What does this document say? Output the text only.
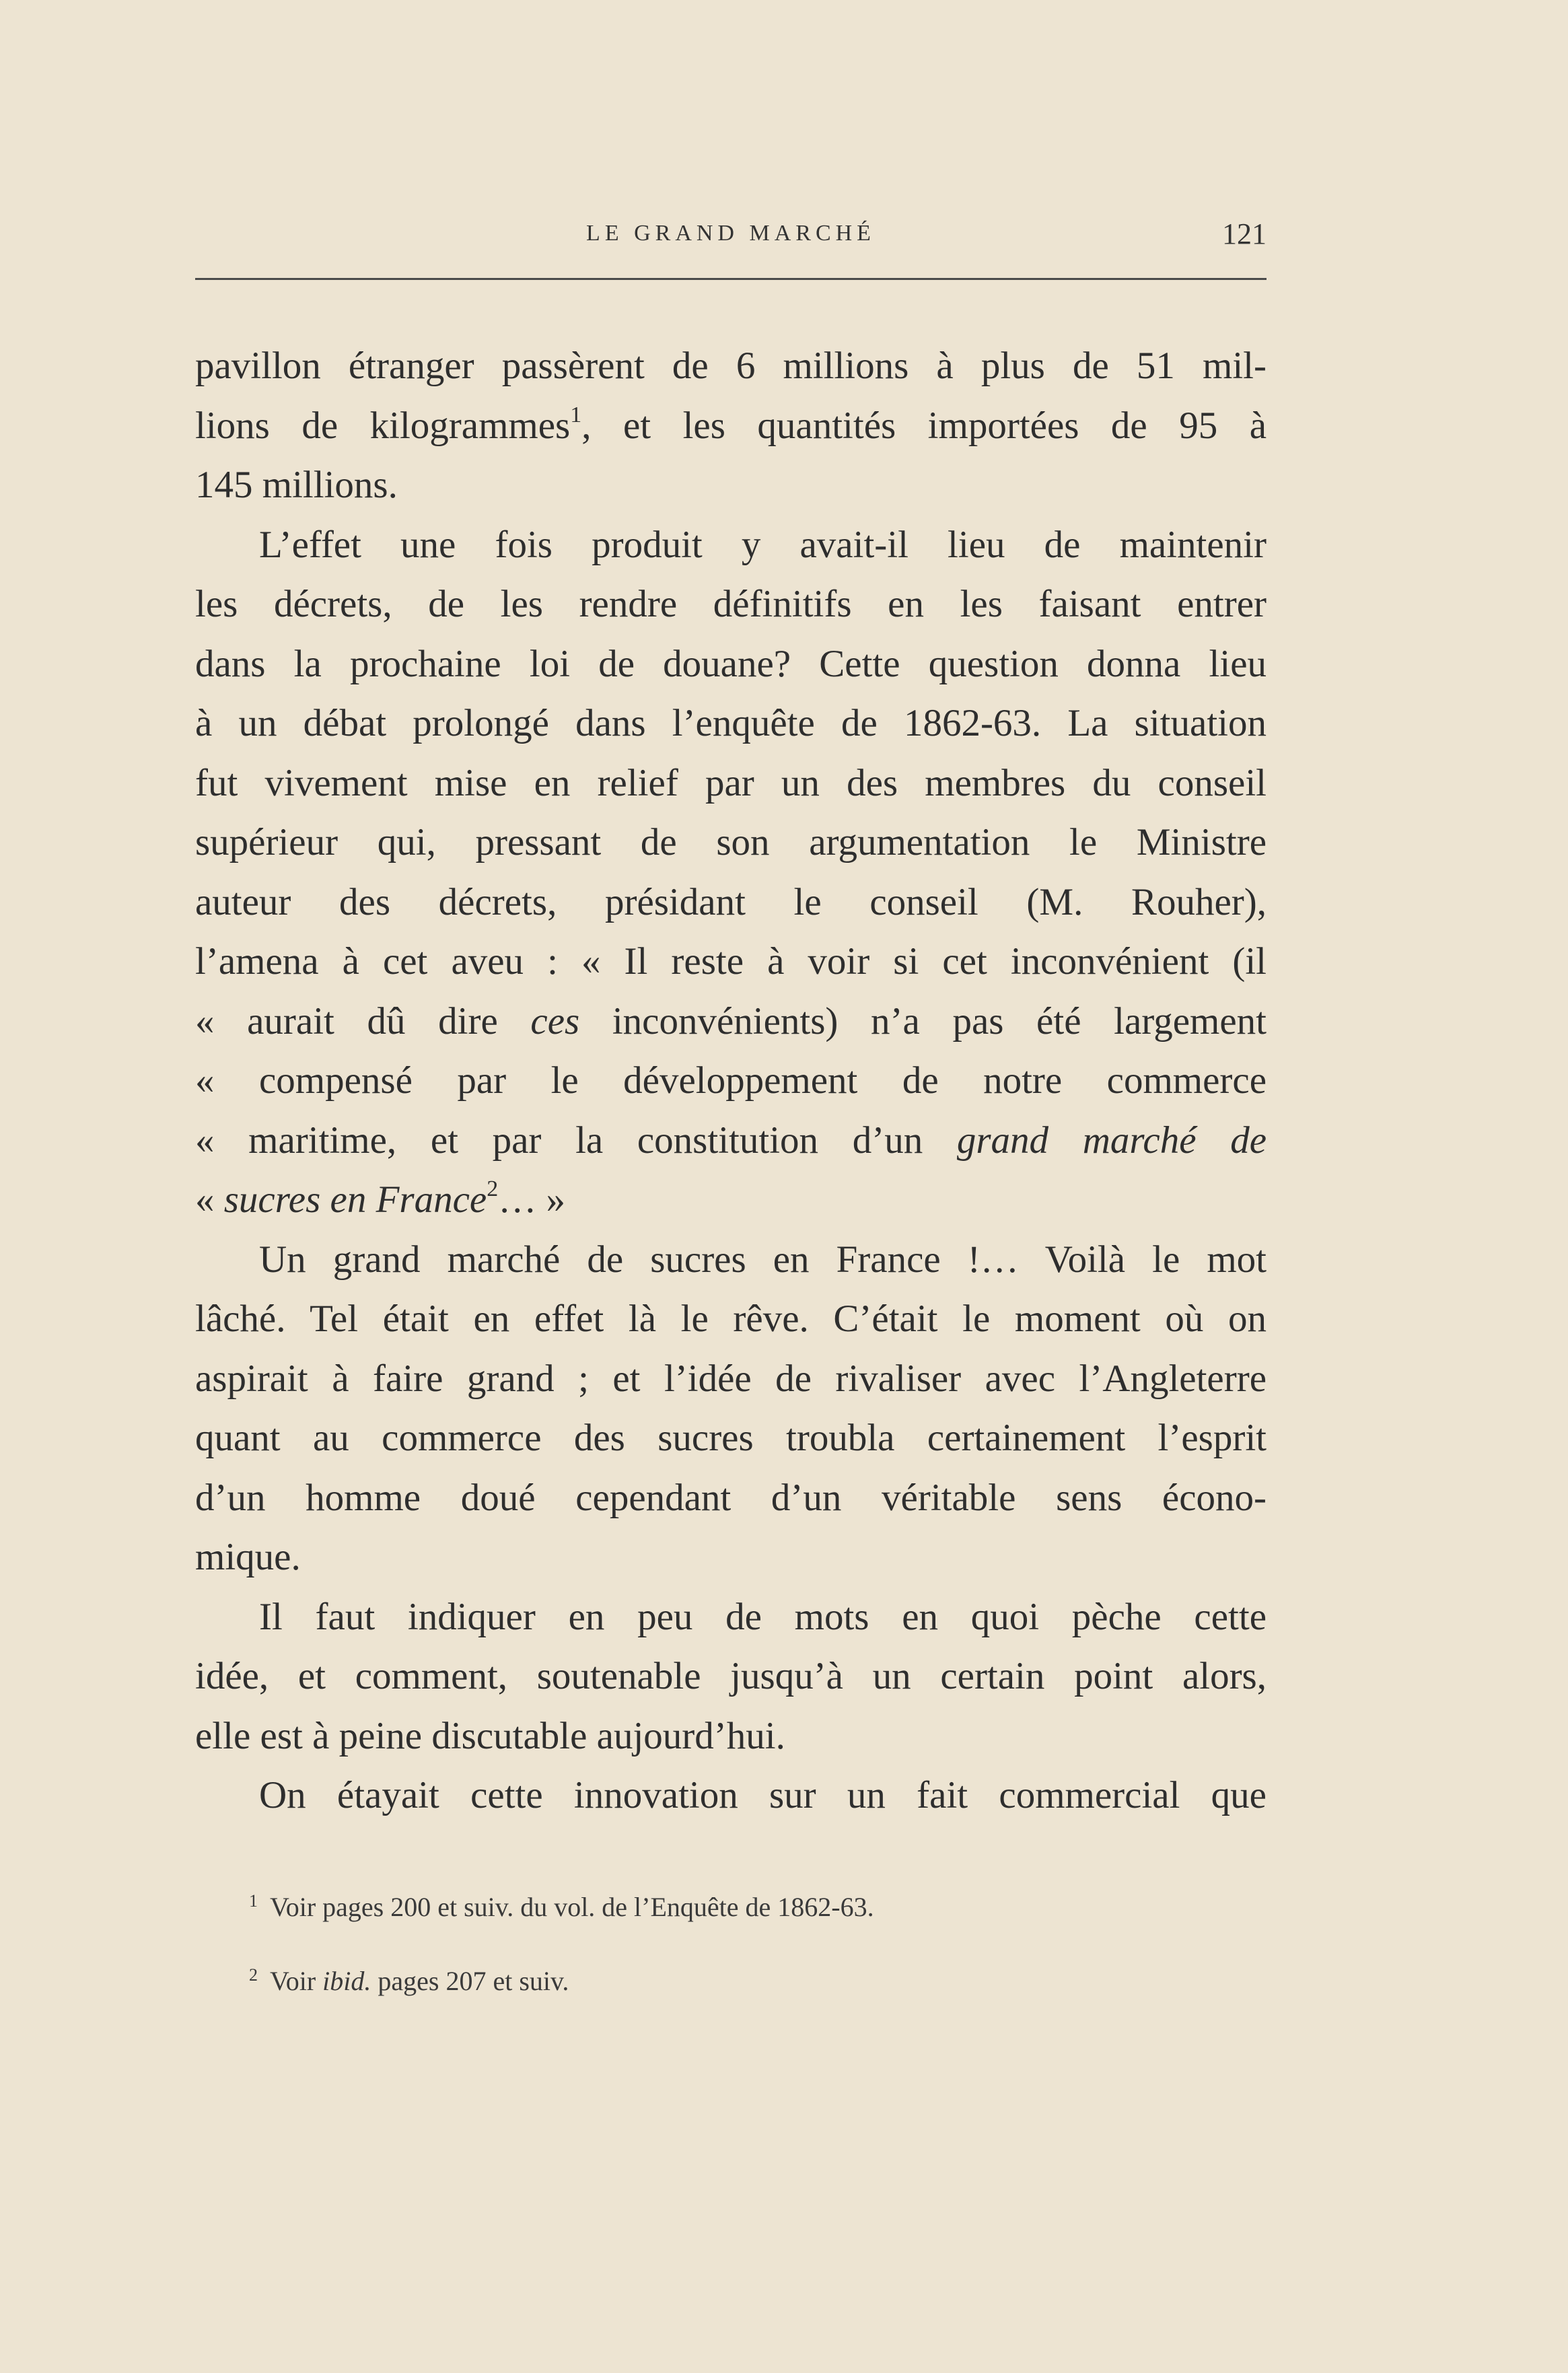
LE GRAND MARCHÉ	121
pavillon étranger passèrent de 6 millions à plus de 51 mil-
lions de kilogrammes$^1$, et les quantités importées de 95 à
145 millions.
L’effet une fois produit y avait-il lieu de maintenir
les décrets, de les rendre définitifs en les faisant entrer
dans la prochaine loi de douane? Cette question donna lieu
à un débat prolongé dans l’enquête de 1862-63. La situation
fut vivement mise en relief par un des membres du conseil
supérieur qui, pressant de son argumentation le Ministre
auteur des décrets, présidant le conseil (M. Rouher),
l’amena à cet aveu : « Il reste à voir si cet inconvénient (il
« aurait dû dire ces inconvénients) n’a pas été largement
« compensé par le développement de notre commerce
« maritime, et par la constitution d’un grand marché de
« sucres en France$^2$… »
Un grand marché de sucres en France !… Voilà le mot
lâché. Tel était en effet là le rêve. C’était le moment où on
aspirait à faire grand ; et l’idée de rivaliser avec l’Angleterre
quant au commerce des sucres troubla certainement l’esprit
d’un homme doué cependant d’un véritable sens écono-
mique.
Il faut indiquer en peu de mots en quoi pèche cette
idée, et comment, soutenable jusqu’à un certain point alors,
elle est à peine discutable aujourd’hui.
On étayait cette innovation sur un fait commercial que
$^1$ Voir pages 200 et suiv. du vol. de l’Enquête de 1862-63.
$^2$ Voir ibid. pages 207 et suiv.
